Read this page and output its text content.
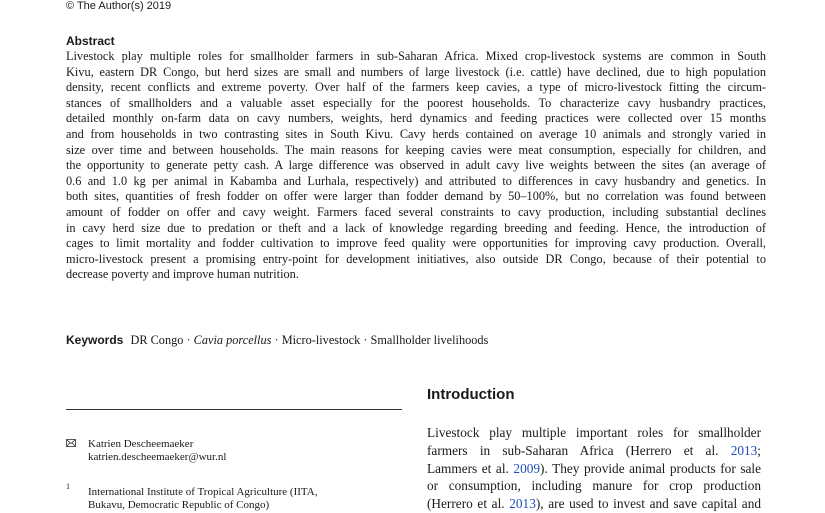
© The Author(s) 2019
Abstract
Livestock play multiple roles for smallholder farmers in sub-Saharan Africa. Mixed crop-livestock systems are common in South
Kivu, eastern DR Congo, but herd sizes are small and numbers of large livestock (i.e. cattle) have declined, due to high population
density, recent conflicts and extreme poverty. Over half of the farmers keep cavies, a type of micro-livestock fitting the circum-
stances of smallholders and a valuable asset especially for the poorest households. To characterize cavy husbandry practices,
detailed monthly on-farm data on cavy numbers, weights, herd dynamics and feeding practices were collected over 15 months
and from households in two contrasting sites in South Kivu. Cavy herds contained on average 10 animals and strongly varied in
size over time and between households. The main reasons for keeping cavies were meat consumption, especially for children, and
the opportunity to generate petty cash. A large difference was observed in adult cavy live weights between the sites (an average of
0.6 and 1.0 kg per animal in Kabamba and Lurhala, respectively) and attributed to differences in cavy husbandry and genetics. In
both sites, quantities of fresh fodder on offer were larger than fodder demand by 50–100%, but no correlation was found between
amount of fodder on offer and cavy weight. Farmers faced several constraints to cavy production, including substantial declines
in cavy herd size due to predation or theft and a lack of knowledge regarding breeding and feeding. Hence, the introduction of
cages to limit mortality and fodder cultivation to improve feed quality were opportunities for improving cavy production. Overall,
micro-livestock present a promising entry-point for development initiatives, also outside DR Congo, because of their potential to
decrease poverty and improve human nutrition.
Keywords DR Congo · Cavia porcellus · Micro-livestock · Smallholder livelihoods
Katrien Descheemaeker
katrien.descheemaeker@wur.nl
1 International Institute of Tropical Agriculture (IITA,
Bukavu, Democratic Republic of Congo)
Introduction
Livestock play multiple important roles for smallholder
farmers in sub-Saharan Africa (Herrero et al. 2013;
Lammers et al. 2009). They provide animal products for sale
or consumption, including manure for crop production
(Herrero et al. 2013), are used to invest and save capital and
